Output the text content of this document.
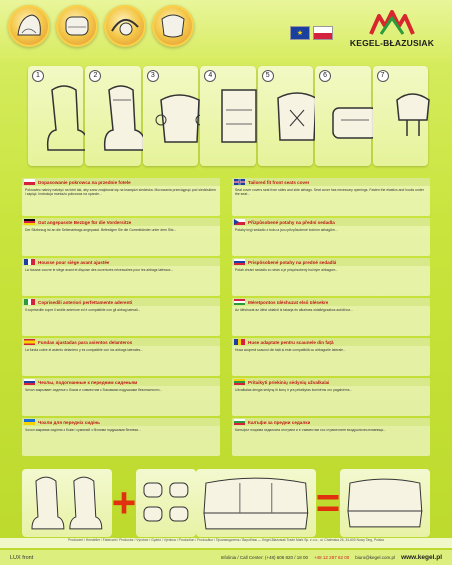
★
KEGEL-BŁAZUSIAK
1	2	3	4	5	6	7
Dopasowanie pokrowca na przednie fotele

Pokrowiec należy nałożyć na fotel tak, aby szew znajdował się na krawędzi siedziska. Mocowania przeciągnąć pod siedziskiem i zapiąć. Instrukcja montażu pokrowca na oparcie...

Tailored fit front seats cover

Seat cover covers seat from sides and side airbags. Seat cover has necessary openings. Fasten the elastics and hooks under the seat...

Gut angepasste Bezüge für die Vordersitze

Der Sitzbezug ist an die Seitenairbags angepasst. Befestigen Sie die Gummibänder unter dem Sitz...

Přizpůsobené potahy na přední sedadla

Potahy kryjí sedadlo z boku a jsou přizpůsobené bočním airbagům...

Housse pour siège avant ajustée

La housse couvre le siège avant et dispose des ouvertures nécessaires pour les airbags latéraux...

Prispôsobené potahy na predné sedadlá

Potah chráni sedadlo zo strán a je prispôsobený bočným airbagom...

Coprisedili anteriori perfettamente aderenti

Il coprisedile copre il sedile anteriore ed è compatibile con gli airbag laterali...

Méretpontos üléshuzat első ülésekre

Az üléshuzat az ülést oldalról is takarja és alkalmas oldallégzsákos autókhoz...

Fundas ajustadas para asientos delanteros

La funda cubre el asiento delantero y es compatible con los airbags laterales...

Huse adaptate pentru scaunele din față

Husa acoperă scaunul din față și este compatibilă cu airbagurile laterale...

Чехлы, подогнанные к передним сиденьям

Чехол закрывает сиденье с боков и совместим с боковыми подушками безопасности...

Pritaikyti priekinių sėdynių užvalkalai

Užvalkalas dengia sėdynę iš šonų ir yra pritaikytas šoninėms oro pagalvėms...

Чохли для передніх сидінь

Чохол закриває сидіння з боків і сумісний з бічними подушками безпеки...

Калъфи за предни седалки

Калъфът покрива седалката отстрани и е съвместим със страничните въздушни възглавници...

+	=
Producent / Hersteller / Fabricant / Productor / Výrobce / Gyártó / Výrobca / Production / Producător / Производитель / Виробник — Kegel-Błażusiak Trade Mark Sp. z o.o., ul. Chełmska 26, 34-600 Nowy Targ, Polska
LUX front	Infolinia / Call Center: (+48) 606 820 / 18 00 +48 12 287 62 00 biuro@kegel.com.pl www.kegel.pl
